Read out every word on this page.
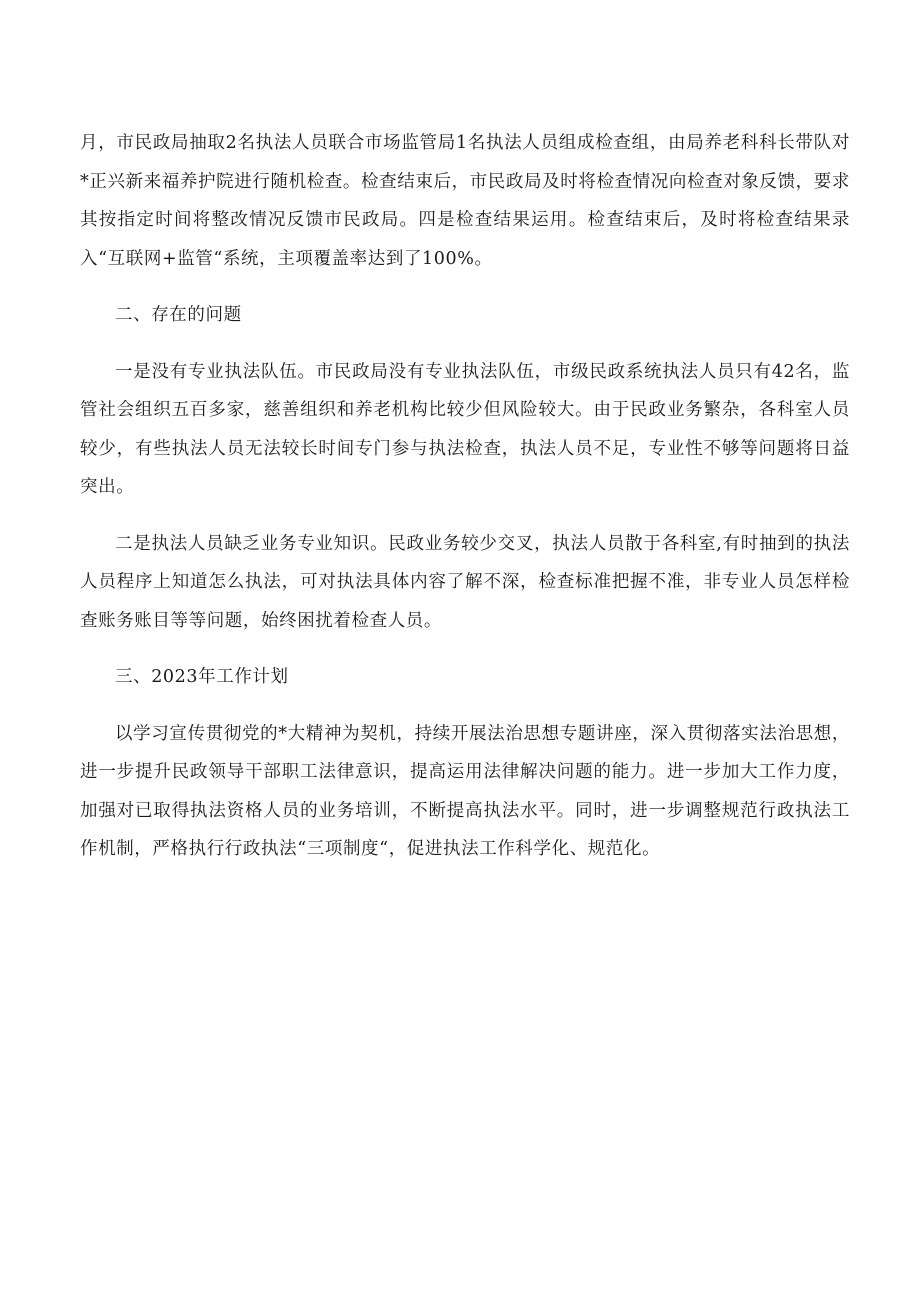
月，市民政局抽取2名执法人员联合市场监管局1名执法人员组成检查组，由局养老科科长带队对*正兴新来福养护院进行随机检查。检查结束后，市民政局及时将检查情况向检查对象反馈，要求其按指定时间将整改情况反馈市民政局。四是检查结果运用。检查结束后，及时将检查结果录入“互联网+监管“系统，主项覆盖率达到了100%。

二、存在的问题

一是没有专业执法队伍。市民政局没有专业执法队伍，市级民政系统执法人员只有42名，监管社会组织五百多家，慈善组织和养老机构比较少但风险较大。由于民政业务繁杂，各科室人员较少，有些执法人员无法较长时间专门参与执法检查，执法人员不足，专业性不够等问题将日益突出。

二是执法人员缺乏业务专业知识。民政业务较少交叉，执法人员散于各科室,有时抽到的执法人员程序上知道怎么执法，可对执法具体内容了解不深，检查标准把握不准，非专业人员怎样检查账务账目等等问题，始终困扰着检查人员。

三、2023年工作计划

以学习宣传贯彻党的*大精神为契机，持续开展法治思想专题讲座，深入贯彻落实法治思想，进一步提升民政领导干部职工法律意识，提高运用法律解决问题的能力。进一步加大工作力度，加强对已取得执法资格人员的业务培训，不断提高执法水平。同时，进一步调整规范行政执法工作机制，严格执行行政执法“三项制度“，促进执法工作科学化、规范化。
